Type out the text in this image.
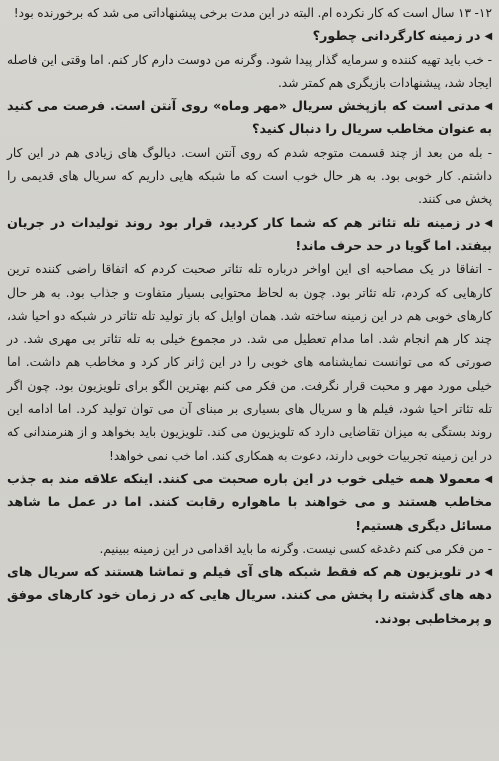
۱۲- ۱۳ سال است که کار نکرده ام. البته در این مدت برخی پیشنهاداتی می شد که برخورنده بود!

◀در زمینه کارگردانی چطور؟

- خب باید تهیه کننده و سرمایه گذار پیدا شود. وگرنه من دوست دارم کار کنم. اما وقتی این فاصله ایجاد شد، پیشنهادات بازیگری هم کمتر شد.

◀مدتی است که بازپخش سریال «مهر وماه» روی آنتن است. فرصت می کنید به عنوان مخاطب سریال را دنبال کنید؟

- بله من بعد از چند قسمت متوجه شدم که روی آنتن است. دیالوگ های زیادی هم در این کار داشتم. کار خوبی بود. به هر حال خوب است که ما شبکه هایی داریم که سریال های قدیمی را پخش می کنند.

◀در زمینه تله تئاتر هم که شما کار کردید، قرار بود روند تولیدات در جریان بیفتد. اما گویا در حد حرف ماند!

- اتفاقا در یک مصاحبه ای این اواخر درباره تله تئاتر صحبت کردم که اتفاقا راضی کننده ترین کارهایی که کردم، تله تئاتر بود. چون به لحاظ محتوایی بسیار متفاوت و جذاب بود. به هر حال کارهای خوبی هم در این زمینه ساخته شد. همان اوایل که باز تولید تله تئاتر در شبکه دو احیا شد، چند کار هم انجام شد. اما مدام تعطیل می شد. در مجموع خیلی به تله تئاتر بی مهری شد. در صورتی که می توانست نمایشنامه های خوبی را در این ژانر کار کرد و مخاطب هم داشت. اما خیلی مورد مهر و محبت قرار نگرفت. من فکر می کنم بهترین الگو برای تلویزیون بود. چون اگر تله تئاتر احیا شود، فیلم ها و سریال های بسیاری بر مبنای آن می توان تولید کرد. اما ادامه این روند بستگی به میزان تقاضایی دارد که تلویزیون می کند. تلویزیون باید بخواهد و از هنرمندانی که در این زمینه تجربیات خوبی دارند، دعوت به همکاری کند. اما خب نمی خواهد!

◀معمولا همه خیلی خوب در این باره صحبت می کنند. اینکه علاقه مند به جذب مخاطب هستند و می خواهند با ماهواره رقابت کنند. اما در عمل ما شاهد مسائل دیگری هستیم!

- من فکر می کنم دغدغه کسی نیست. وگرنه ما باید اقدامی در این زمینه ببینیم.

◀در تلویزیون هم که فقط شبکه های آی فیلم و تماشا هستند که سریال های دهه های گذشته را پخش می کنند. سریال هایی که در زمان خود کارهای موفق و پرمخاطبی بودند.
